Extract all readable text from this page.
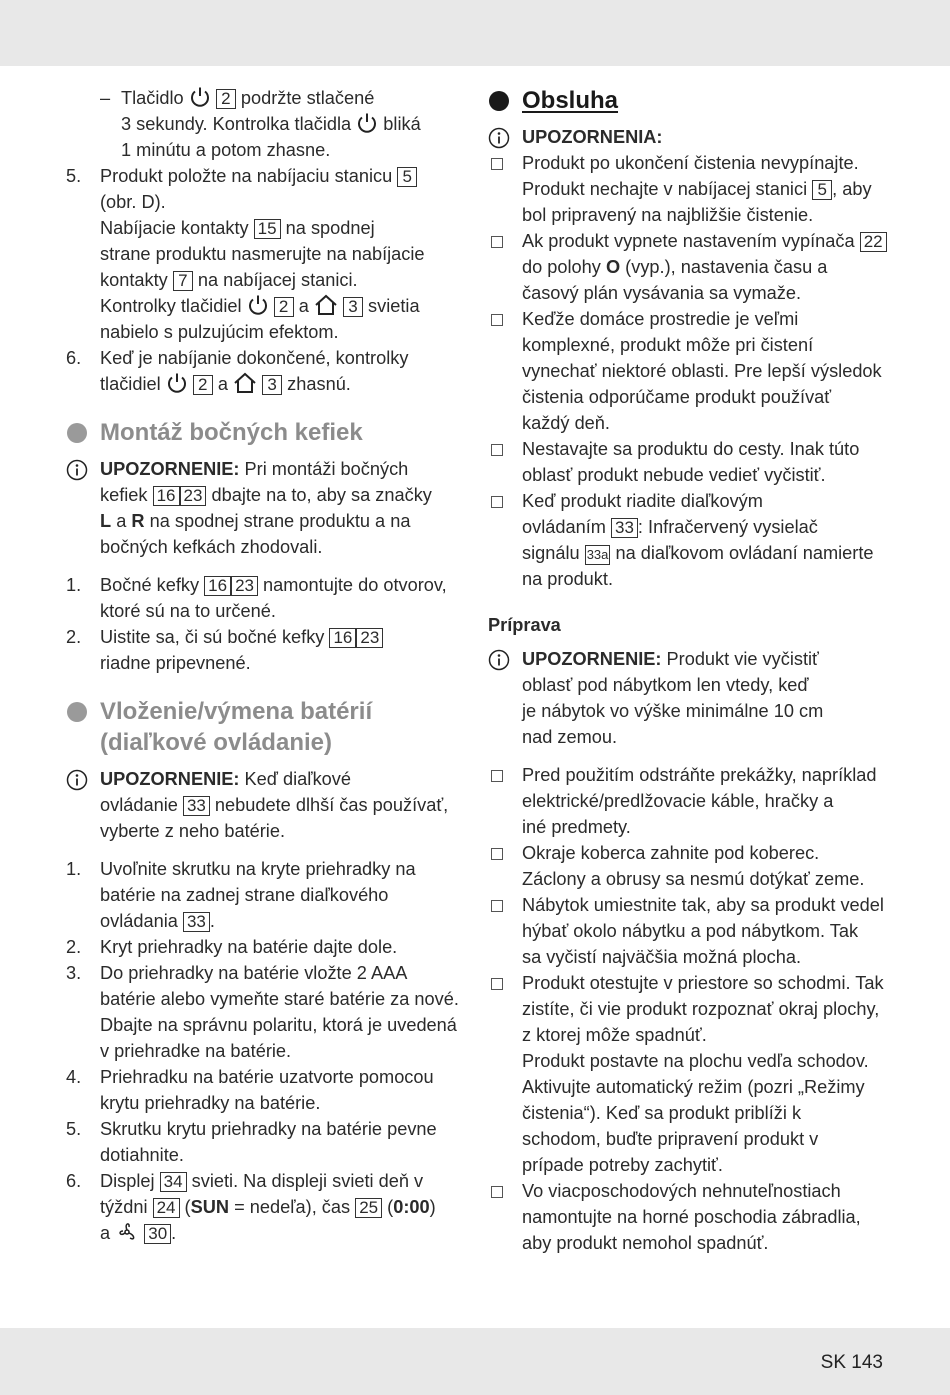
– Tlačidlo 2 podržte stlačené
3 sekundy. Kontrolka tlačidla bliká
1 minútu a potom zhasne.
5. Produkt položte na nabíjaciu stanicu 5
(obr. D).
Nabíjacie kontakty 15 na spodnej
strane produktu nasmerujte na nabíjacie
kontakty 7 na nabíjacej stanici.
Kontrolky tlačidiel 2 a 3 svietia
nabielo s pulzujúcim efektom.
6. Keď je nabíjanie dokončené, kontrolky
tlačidiel 2 a 3 zhasnú.
Montáž bočných kefiek
UPOZORNENIE: Pri montáži bočných
kefiek 16 23 dbajte na to, aby sa značky
L a R na spodnej strane produktu a na
bočných kefkách zhodovali.
1. Bočné kefky 16 23 namontujte do otvorov,
ktoré sú na to určené.
2. Uistite sa, či sú bočné kefky 16 23
riadne pripevnené.
Vloženie/výmena batérií
(diaľkové ovládanie)
UPOZORNENIE: Keď diaľkové
ovládanie 33 nebudete dlhší čas používať,
vyberte z neho batérie.
1. Uvoľnite skrutku na kryte priehradky na
batérie na zadnej strane diaľkového
ovládania 33 .
2. Kryt priehradky na batérie dajte dole.
3. Do priehradky na batérie vložte 2 AAA
batérie alebo vymeňte staré batérie za nové.
Dbajte na správnu polaritu, ktorá je uvedená
v priehradke na batérie.
4. Priehradku na batérie uzatvorte pomocou
krytu priehradky na batérie.
5. Skrutku krytu priehradky na batérie pevne
dotiahnite.
6. Displej 34 svieti. Na displeji svieti deň v
týždni 24 (SUN = nedeľa), čas 25 (0:00)
a 30 .
Obsluha
UPOZORNENIA:
Produkt po ukončení čistenia nevypínajte.
Produkt nechajte v nabíjacej stanici 5 , aby
bol pripravený na najbližšie čistenie.
Ak produkt vypnete nastavením vypínača 22
do polohy O (vyp.), nastavenia času a
časový plán vysávania sa vymaže.
Keďže domáce prostredie je veľmi
komplexné, produkt môže pri čistení
vynechať niektoré oblasti. Pre lepší výsledok
čistenia odporúčame produkt používať
každý deň.
Nestavajte sa produktu do cesty. Inak túto
oblasť produkt nebude vedieť vyčistiť.
Keď produkt riadite diaľkovým
ovládaním 33 : Infračervený vysielač
signálu 33a na diaľkovom ovládaní namierte
na produkt.
Príprava
UPOZORNENIE: Produkt vie vyčistiť
oblasť pod nábytkom len vtedy, keď
je nábytok vo výške minimálne 10 cm
nad zemou.
Pred použitím odstráňte prekážky, napríklad
elektrické/predlžovacie káble, hračky a
iné predmety.
Okraje koberca zahnite pod koberec.
Záclony a obrusy sa nesmú dotýkať zeme.
Nábytok umiestnite tak, aby sa produkt vedel
hýbať okolo nábytku a pod nábytkom. Tak
sa vyčistí najväčšia možná plocha.
Produkt otestujte v priestore so schodmi. Tak
zistíte, či vie produkt rozpoznať okraj plochy,
z ktorej môže spadnúť.
Produkt postavte na plochu vedľa schodov.
Aktivujte automatický režim (pozri „Režimy
čistenia“). Keď sa produkt priblíži k
schodom, buďte pripravení produkt v
prípade potreby zachytiť.
Vo viacposchodových nehnuteľnostiach
namontujte na horné poschodia zábradlia,
aby produkt nemohol spadnúť.
SK 143
